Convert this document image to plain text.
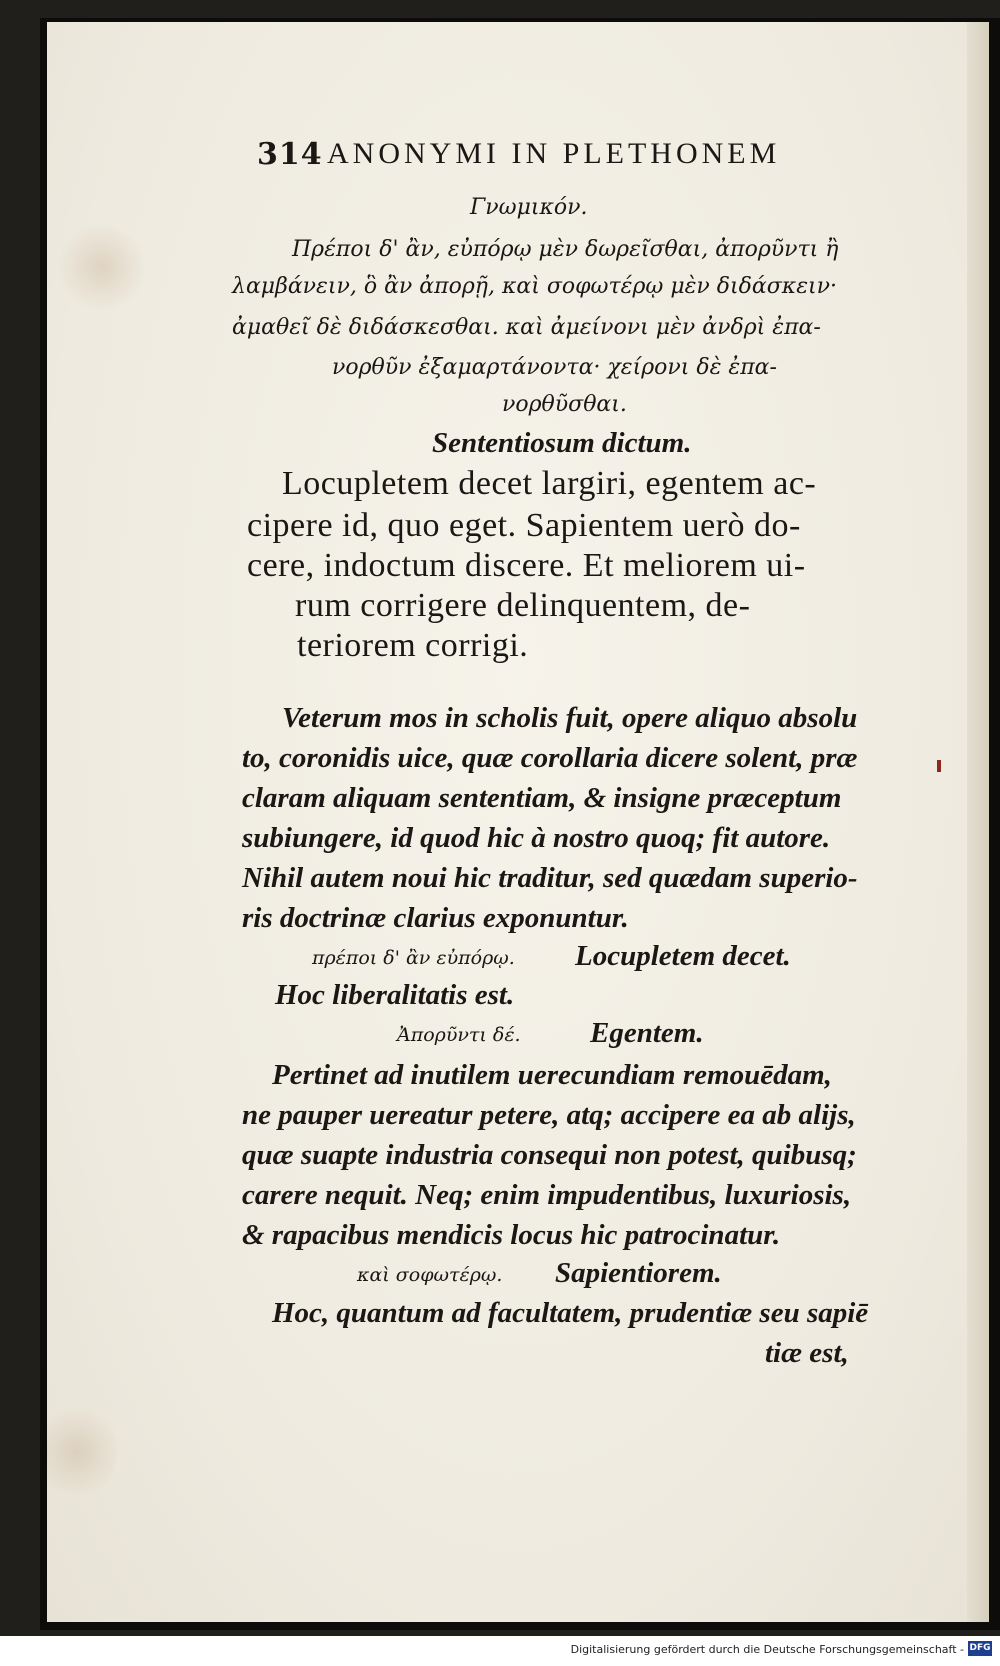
314 ANONYMI IN PLETHONEM
Γνωμικόν.
Πρέποι δ' ἂν, εὐπόρῳ μὲν δωρεῖσθαι, ἀπορῦντι ἢ
λαμβάνειν, ὃ ἂν ἀπορῇ, καὶ σοφωτέρῳ μὲν διδάσκειν·
ἀμαθεῖ δὲ διδάσκεσθαι. καὶ ἀμείνονι μὲν ἀνδρὶ ἐπα-
νορθῦν ἐξαμαρτάνοντα· χείρονι δὲ ἐπα-
νορθῦσθαι.
Sententiosum dictum.
Locupletem decet largiri, egentem ac-
cipere id, quo eget. Sapientem uerò do-
cere, indoctum discere. Et meliorem ui-
rum corrigere delinquentem, de-
teriorem corrigi.
Veterum mos in scholis fuit, opere aliquo absolu
to, coronidis uice, quæ corollaria dicere solent, præ
claram aliquam sententiam, & insigne præceptum
subiungere, id quod hic à nostro quoq; fit autore.
Nihil autem noui hic traditur, sed quædam superio-
ris doctrinæ clarius exponuntur.
πρέποι δ' ἂν εὐπόρῳ. Locupletem decet.
Hoc liberalitatis est.
Ἀπορῦντι δέ. Egentem.
Pertinet ad inutilem uerecundiam remouēdam,
ne pauper uereatur petere, atq; accipere ea ab alijs,
quæ suapte industria consequi non potest, quibusq;
carere nequit. Neq; enim impudentibus, luxuriosis,
& rapacibus mendicis locus hic patrocinatur.
καὶ σοφωτέρῳ. Sapientiorem.
Hoc, quantum ad facultatem, prudentiæ seu sapiē
tiæ est,
Digitalisierung gefördert durch die Deutsche Forschungsgemeinschaft - DFG
